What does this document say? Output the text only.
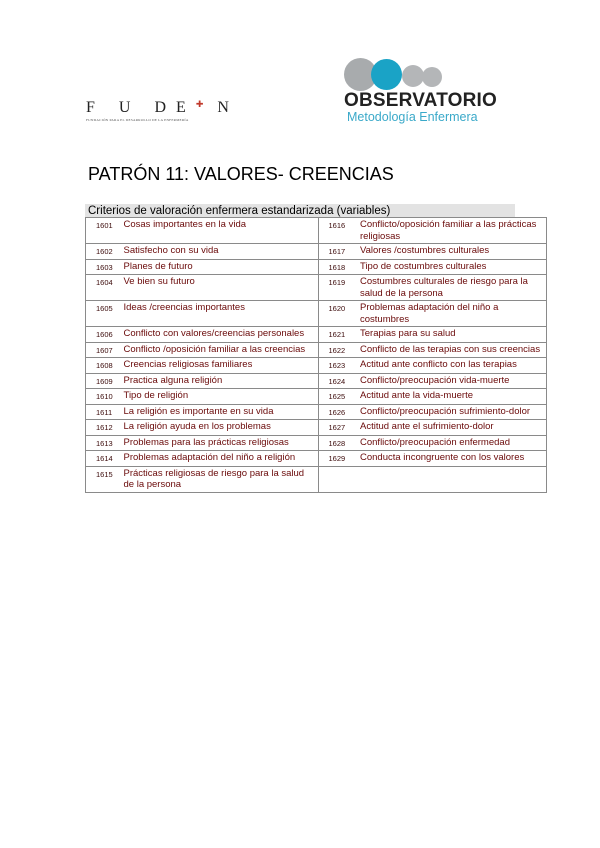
F U DE✚ N
FUNDACIÓN PARA EL DESARROLLO DE LA ENFERMERÍA
OBSERVATORIO
Metodología Enfermera
PATRÓN 11: VALORES- CREENCIAS
Criterios de valoración enfermera estandarizada (variables)
1601	Cosas importantes en la vida	1616	Conflicto/oposición familiar a las prácticas religiosas
1602	Satisfecho con su vida	1617	Valores /costumbres culturales
1603	Planes de futuro	1618	Tipo de costumbres culturales
1604	Ve bien su futuro	1619	Costumbres culturales de riesgo para la salud de la persona
1605	Ideas /creencias importantes	1620	Problemas adaptación del niño a costumbres
1606	Conflicto con valores/creencias personales	1621	Terapias para su salud
1607	Conflicto /oposición familiar a las creencias	1622	Conflicto de las terapias con sus creencias
1608	Creencias religiosas familiares	1623	Actitud ante conflicto con las terapias
1609	Practica alguna religión	1624	Conflicto/preocupación vida-muerte
1610	Tipo de religión	1625	Actitud ante la vida-muerte
1611	La religión es importante en su vida	1626	Conflicto/preocupación sufrimiento-dolor
1612	La religión ayuda en los problemas	1627	Actitud ante el sufrimiento-dolor
1613	Problemas para las prácticas religiosas	1628	Conflicto/preocupación enfermedad
1614	Problemas adaptación del niño a religión	1629	Conducta incongruente con los valores
1615	Prácticas religiosas de riesgo para la salud de la persona		
